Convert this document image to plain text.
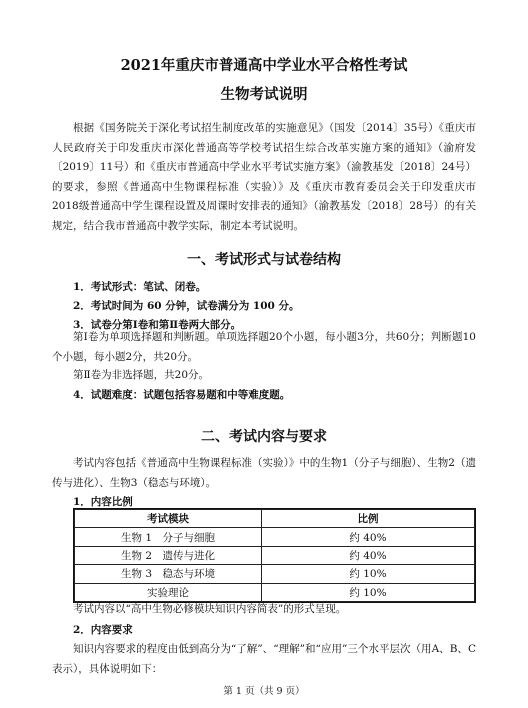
2021年重庆市普通高中学业水平合格性考试
生物考试说明

根据《国务院关于深化考试招生制度改革的实施意见》（国发〔2014〕35号）《重庆市人民政府关于印发重庆市深化普通高等学校考试招生综合改革实施方案的通知》（渝府发〔2019〕11号）和《重庆市普通高中学业水平考试实施方案》（渝教基发〔2018〕24号）的要求，参照《普通高中生物课程标准（实验）》及《重庆市教育委员会关于印发重庆市2018级普通高中学生课程设置及周课时安排表的通知》（渝教基发〔2018〕28号）的有关规定，结合我市普通高中教学实际，制定本考试说明。

一、考试形式与试卷结构
1．考试形式：笔试、闭卷。
2．考试时间为 60 分钟，试卷满分为 100 分。
3．试卷分第Ⅰ卷和第Ⅱ卷两大部分。

第Ⅰ卷为单项选择题和判断题。单项选择题20个小题，每小题3分，共60分；判断题10个小题，每小题2分，共20分。

第Ⅱ卷为非选择题，共20分。

4．试题难度：试题包括容易题和中等难度题。
二、考试内容与要求

考试内容包括《普通高中生物课程标准（实验）》中的生物1（分子与细胞）、生物2（遗传与进化）、生物3（稳态与环境）。

1．内容比例
考试模块	比例
生物 1　分子与细胞	约 40%
生物 2　遗传与进化	约 40%
生物 3　稳态与环境	约 10%
实验理论	约 10%

考试内容以“高中生物必修模块知识内容简表”的形式呈现。

2．内容要求

知识内容要求的程度由低到高分为“了解”、“理解”和“应用”三个水平层次（用A、B、C表示），具体说明如下：

第 1 页（共 9 页）
